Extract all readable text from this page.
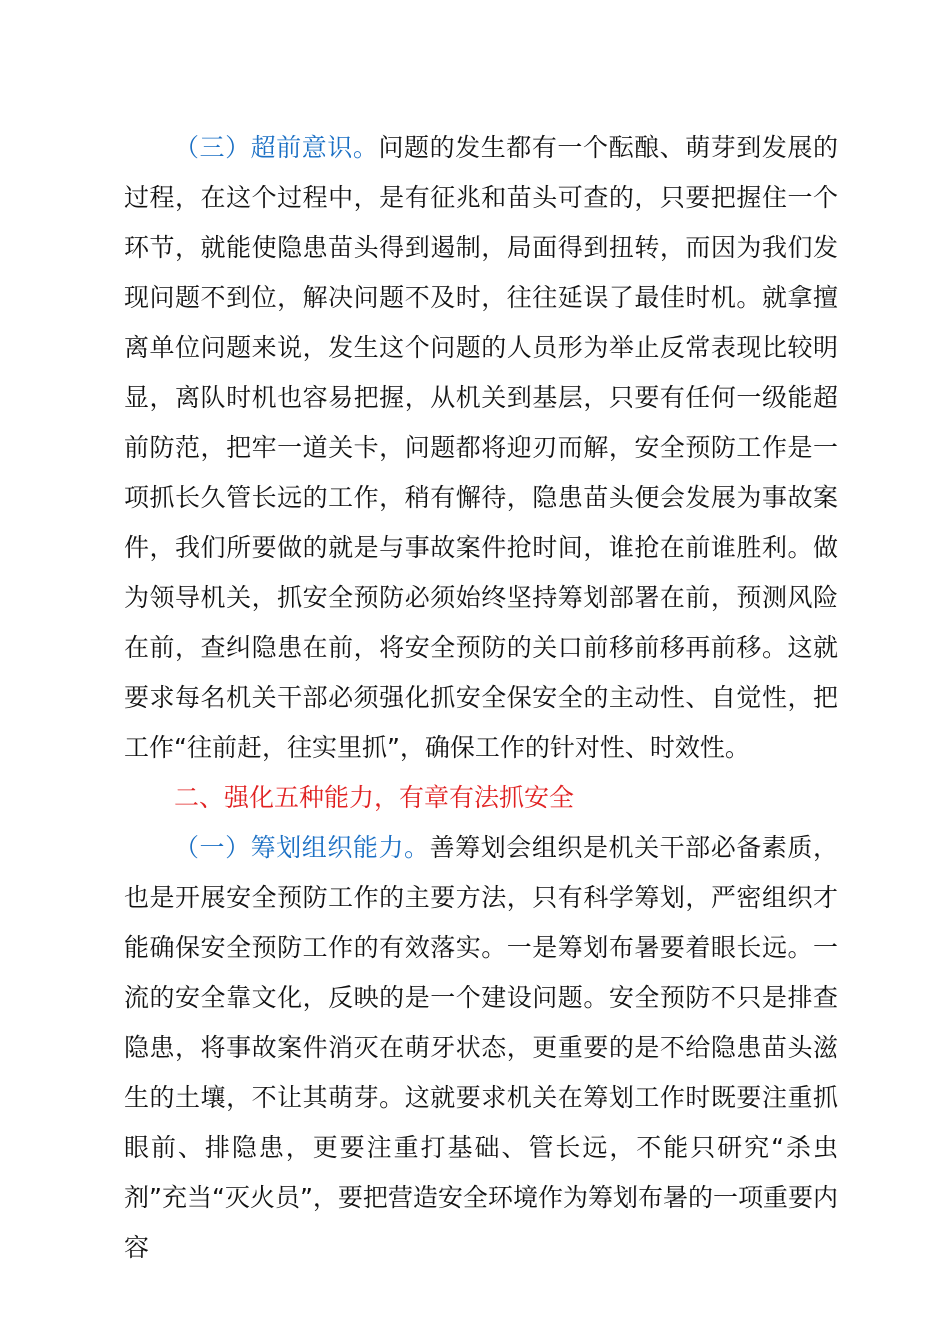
（三）超前意识。问题的发生都有一个酝酿、萌芽到发展的过程，在这个过程中，是有征兆和苗头可查的，只要把握住一个环节，就能使隐患苗头得到遏制，局面得到扭转，而因为我们发现问题不到位，解决问题不及时，往往延误了最佳时机。就拿擅离单位问题来说，发生这个问题的人员形为举止反常表现比较明显，离队时机也容易把握，从机关到基层，只要有任何一级能超前防范，把牢一道关卡，问题都将迎刃而解，安全预防工作是一项抓长久管长远的工作，稍有懈待，隐患苗头便会发展为事故案件，我们所要做的就是与事故案件抢时间，谁抢在前谁胜利。做为领导机关，抓安全预防必须始终坚持筹划部署在前，预测风险在前，查纠隐患在前，将安全预防的关口前移前移再前移。这就要求每名机关干部必须强化抓安全保安全的主动性、自觉性，把工作“往前赶，往实里抓”，确保工作的针对性、时效性。

二、强化五种能力，有章有法抓安全

（一）筹划组织能力。善筹划会组织是机关干部必备素质，也是开展安全预防工作的主要方法，只有科学筹划，严密组织才能确保安全预防工作的有效落实。一是筹划布暑要着眼长远。一流的安全靠文化，反映的是一个建设问题。安全预防不只是排查隐患，将事故案件消灭在萌牙状态，更重要的是不给隐患苗头滋生的土壤，不让其萌芽。这就要求机关在筹划工作时既要注重抓眼前、排隐患，更要注重打基础、管长远，不能只研究“杀虫剂”充当“灭火员”，要把营造安全环境作为筹划布暑的一项重要内容
